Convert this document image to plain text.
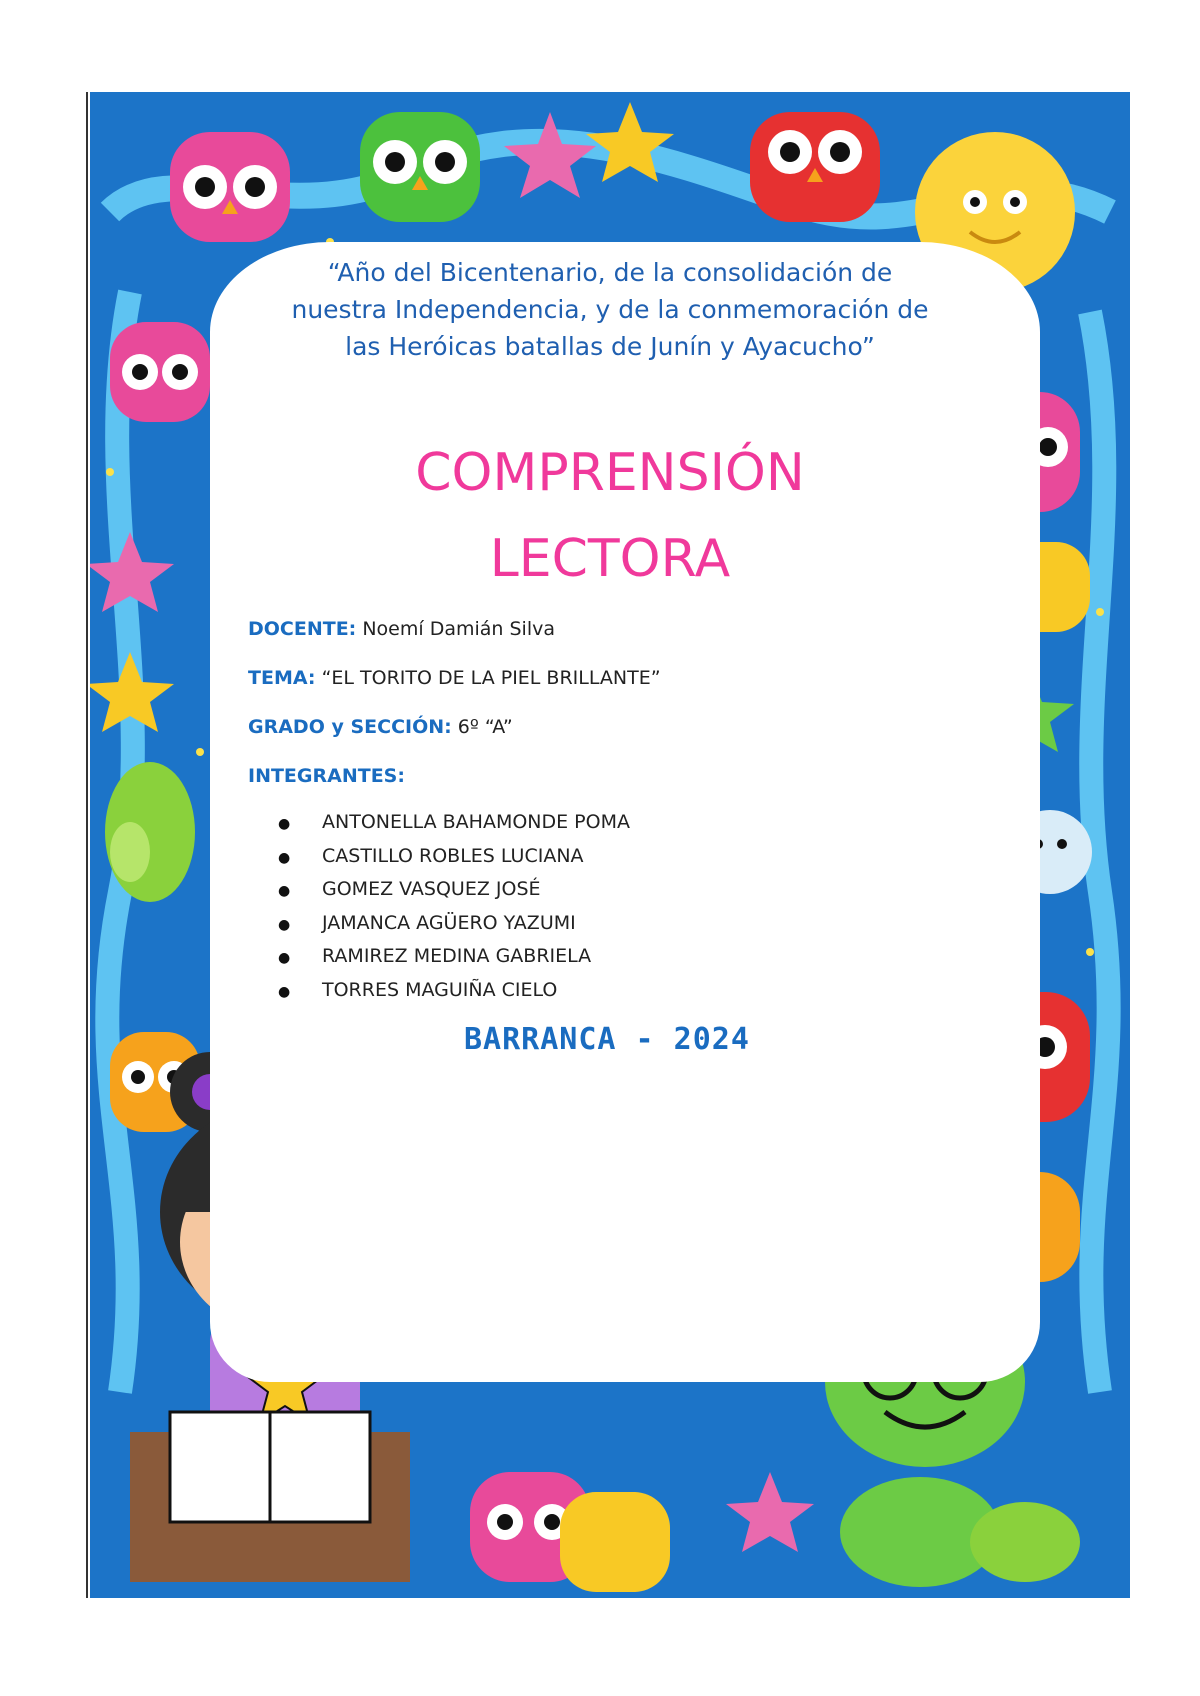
“Año del Bicentenario, de la consolidación de
nuestra Independencia, y de la conmemoración de
las Heróicas batallas de Junín y Ayacucho”
COMPRENSIÓN
LECTORA
DOCENTE: Noemí Damián Silva
TEMA: “EL TORITO DE LA PIEL BRILLANTE”
GRADO y SECCIÓN: 6º “A”
INTEGRANTES:
● ANTONELLA BAHAMONDE POMA
● CASTILLO ROBLES LUCIANA
● GOMEZ VASQUEZ JOSÉ
● JAMANCA AGÜERO YAZUMI
● RAMIREZ MEDINA GABRIELA
● TORRES MAGUIÑA CIELO
BARRANCA - 2024
